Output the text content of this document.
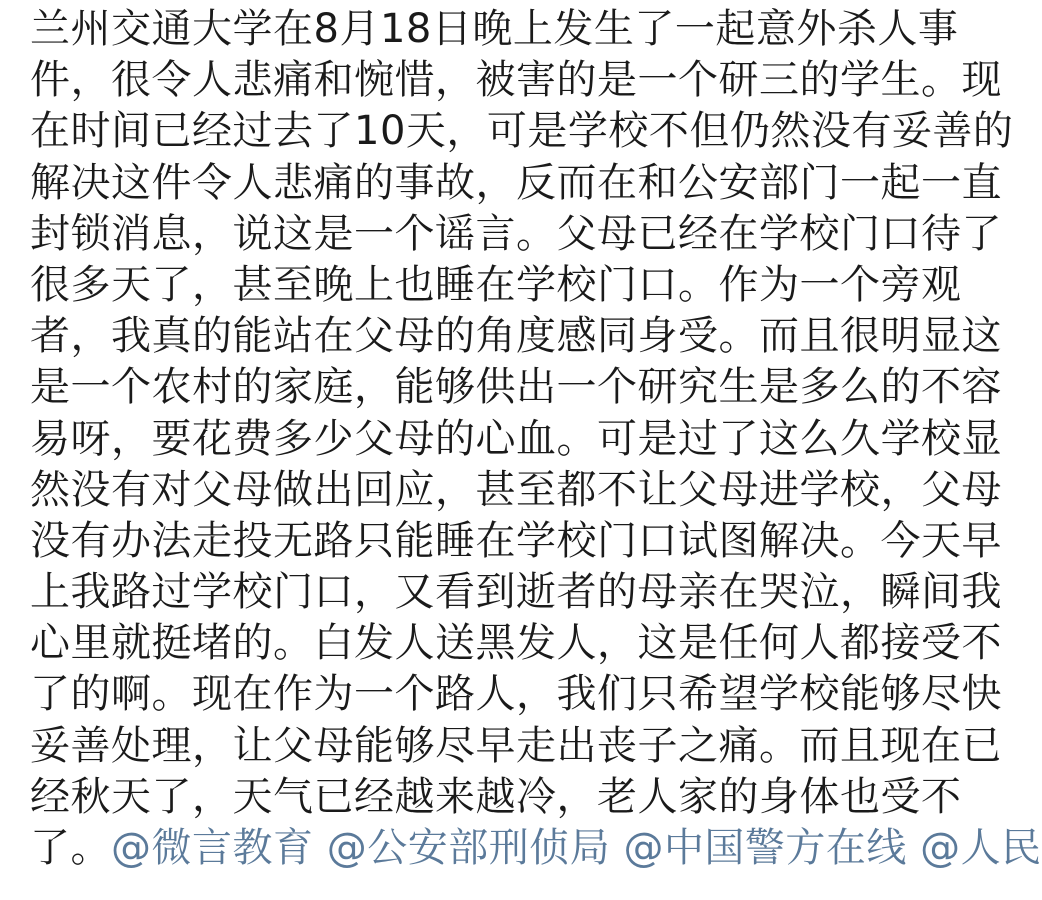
兰州交通大学在8月18日晚上发生了一起意外杀人事
件，很令人悲痛和惋惜，被害的是一个研三的学生。现
在时间已经过去了10天，可是学校不但仍然没有妥善的
解决这件令人悲痛的事故，反而在和公安部门一起一直
封锁消息，说这是一个谣言。父母已经在学校门口待了
很多天了，甚至晚上也睡在学校门口。作为一个旁观
者，我真的能站在父母的角度感同身受。而且很明显这
是一个农村的家庭，能够供出一个研究生是多么的不容
易呀，要花费多少父母的心血。可是过了这么久学校显
然没有对父母做出回应，甚至都不让父母进学校，父母
没有办法走投无路只能睡在学校门口试图解决。今天早
上我路过学校门口，又看到逝者的母亲在哭泣，瞬间我
心里就挺堵的。白发人送黑发人，这是任何人都接受不
了的啊。现在作为一个路人，我们只希望学校能够尽快
妥善处理，让父母能够尽早走出丧子之痛。而且现在已
经秋天了，天气已经越来越冷，老人家的身体也受不
了。@微言教育 @公安部刑侦局 @中国警方在线 @人民
